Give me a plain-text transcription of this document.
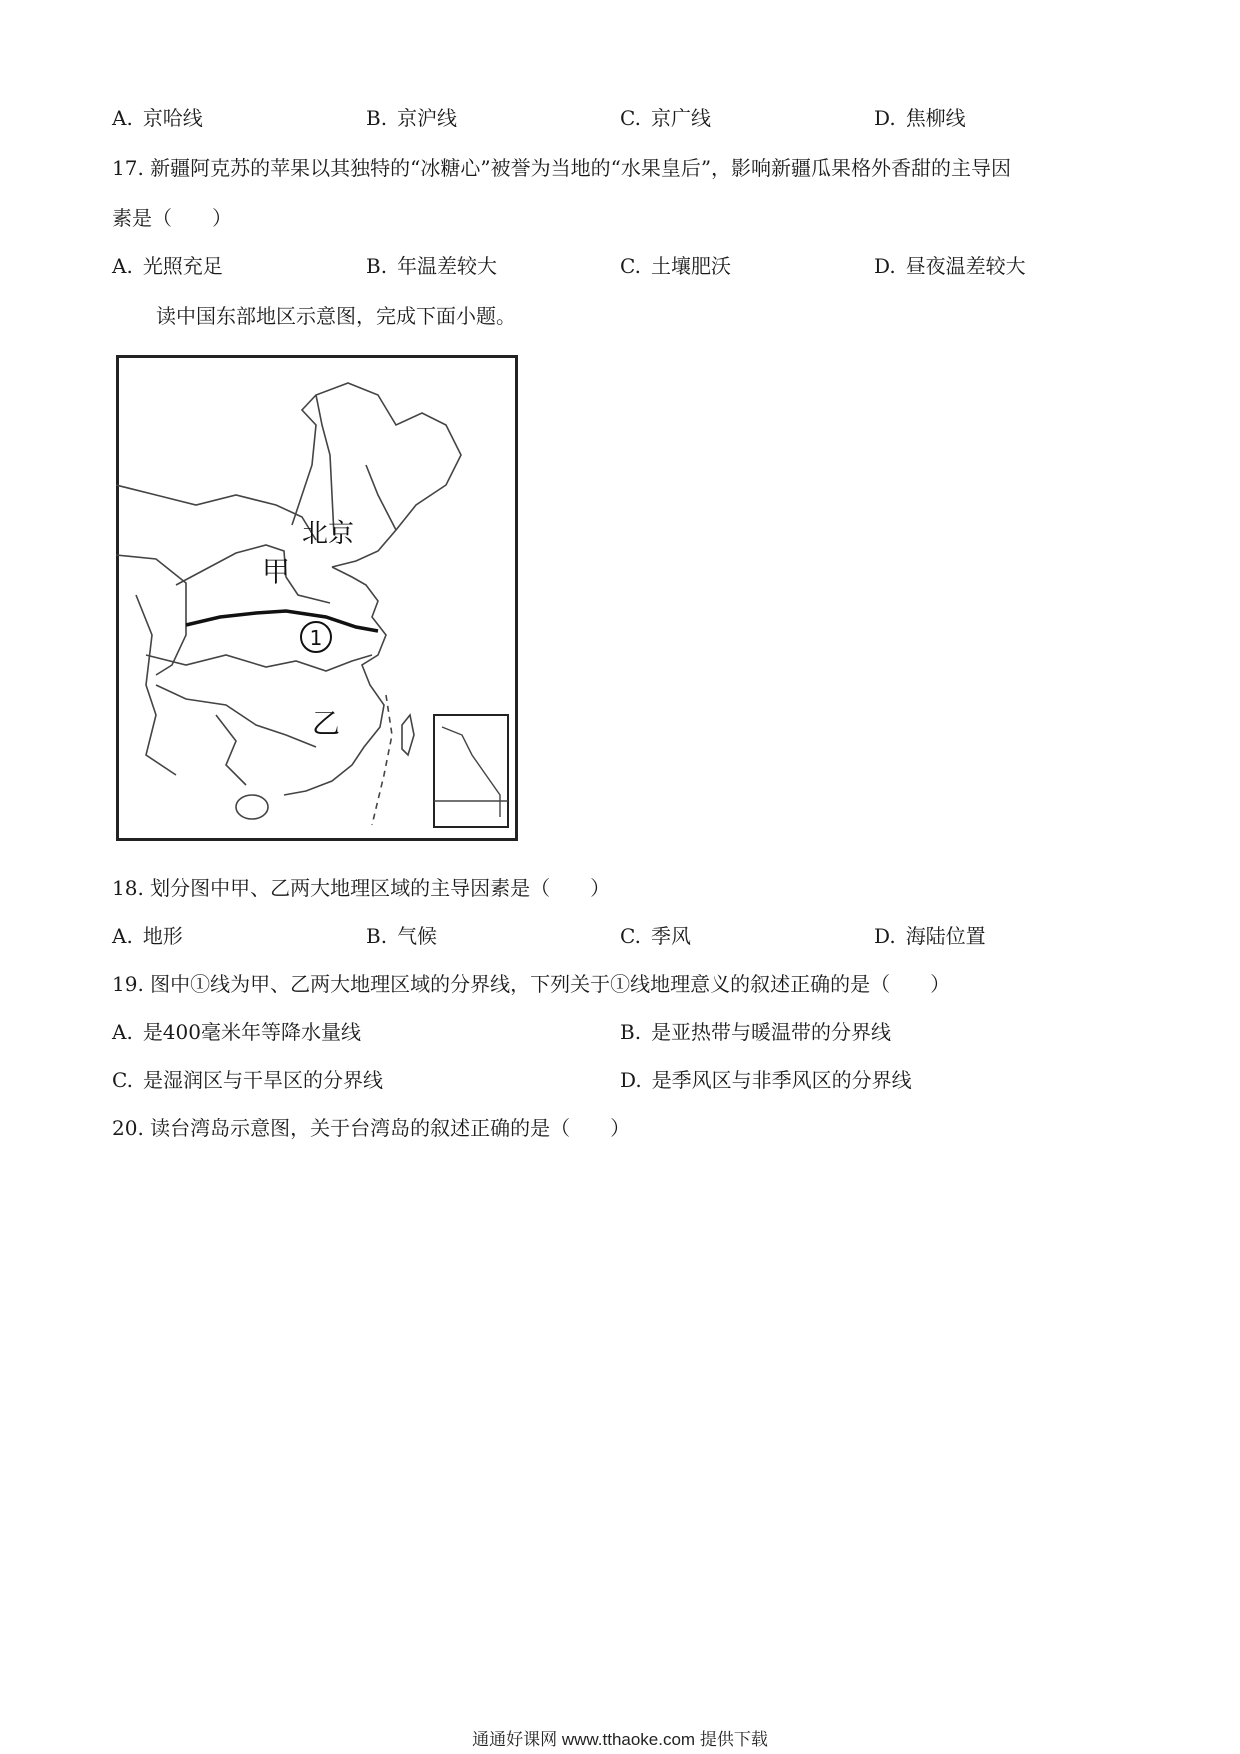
A. 京哈线	B. 京沪线	C. 京广线	D. 焦柳线
17. 新疆阿克苏的苹果以其独特的“冰糖心”被誉为当地的“水果皇后”，影响新疆瓜果格外香甜的主导因
素是（　　）
A. 光照充足	B. 年温差较大	C. 土壤肥沃	D. 昼夜温差较大
读中国东部地区示意图，完成下面小题。
北京
甲
乙
1
18. 划分图中甲、乙两大地理区域的主导因素是（　　）
A. 地形	B. 气候	C. 季风	D. 海陆位置
19. 图中①线为甲、乙两大地理区域的分界线，下列关于①线地理意义的叙述正确的是（　　）
A. 是400毫米年等降水量线	B. 是亚热带与暖温带的分界线
C. 是湿润区与干旱区的分界线	D. 是季风区与非季风区的分界线
20. 读台湾岛示意图，关于台湾岛的叙述正确的是（　　）
通通好课网 www.tthaoke.com 提供下载
